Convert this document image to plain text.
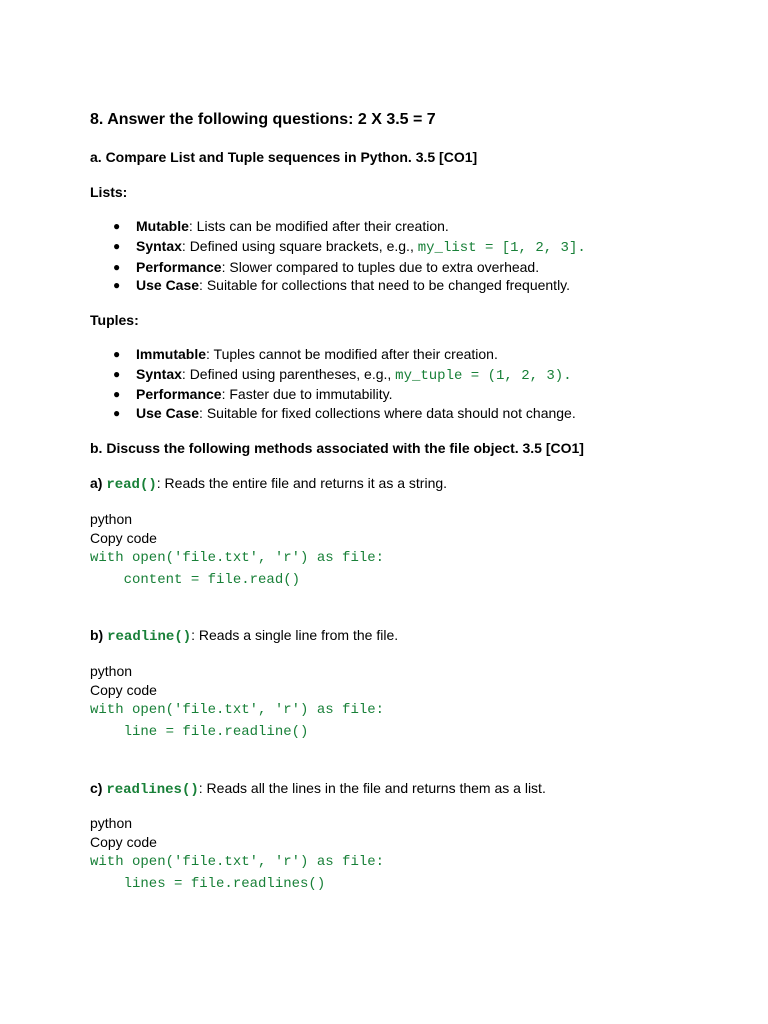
8. Answer the following questions: 2 X 3.5 = 7
a. Compare List and Tuple sequences in Python. 3.5 [CO1]
Lists:
● Mutable: Lists can be modified after their creation.
● Syntax: Defined using square brackets, e.g., my_list = [1, 2, 3].
● Performance: Slower compared to tuples due to extra overhead.
● Use Case: Suitable for collections that need to be changed frequently.
Tuples:
● Immutable: Tuples cannot be modified after their creation.
● Syntax: Defined using parentheses, e.g., my_tuple = (1, 2, 3).
● Performance: Faster due to immutability.
● Use Case: Suitable for fixed collections where data should not change.
b. Discuss the following methods associated with the file object. 3.5 [CO1]
a) read(): Reads the entire file and returns it as a string.
python
Copy code
with open('file.txt', 'r') as file:
content = file.read()
b) readline(): Reads a single line from the file.
python
Copy code
with open('file.txt', 'r') as file:
line = file.readline()
c) readlines(): Reads all the lines in the file and returns them as a list.
python
Copy code
with open('file.txt', 'r') as file:
lines = file.readlines()
